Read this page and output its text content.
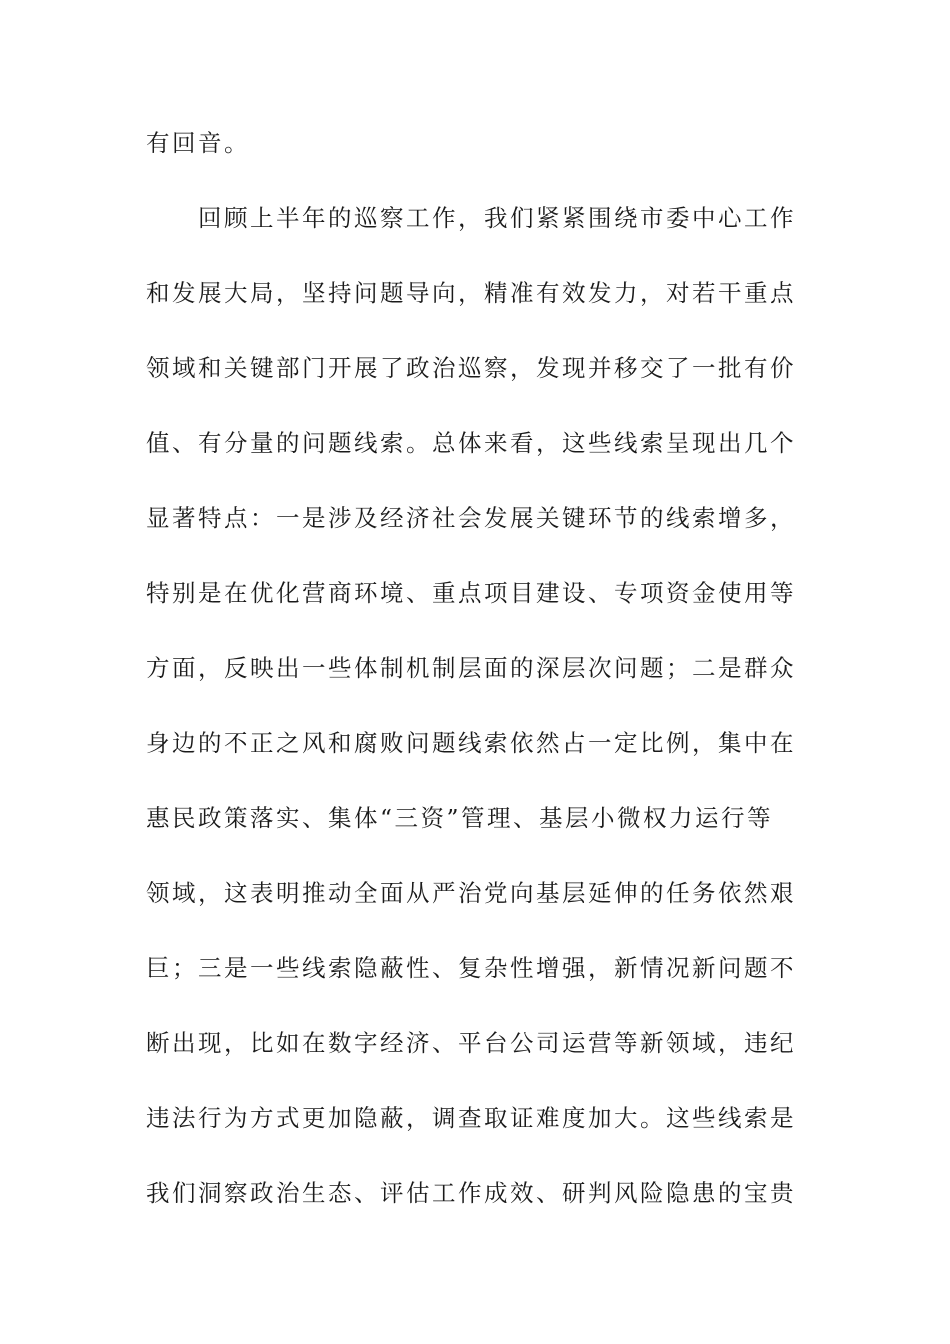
有回音。
回顾上半年的巡察工作，我们紧紧围绕市委中心工作
和发展大局，坚持问题导向，精准有效发力，对若干重点
领域和关键部门开展了政治巡察，发现并移交了一批有价
值、有分量的问题线索。总体来看，这些线索呈现出几个
显著特点：一是涉及经济社会发展关键环节的线索增多，
特别是在优化营商环境、重点项目建设、专项资金使用等
方面，反映出一些体制机制层面的深层次问题；二是群众
身边的不正之风和腐败问题线索依然占一定比例，集中在
惠民政策落实、集体“三资”管理、基层小微权力运行等
领域，这表明推动全面从严治党向基层延伸的任务依然艰
巨；三是一些线索隐蔽性、复杂性增强，新情况新问题不
断出现，比如在数字经济、平台公司运营等新领域，违纪
违法行为方式更加隐蔽，调查取证难度加大。这些线索是
我们洞察政治生态、评估工作成效、研判风险隐患的宝贵
